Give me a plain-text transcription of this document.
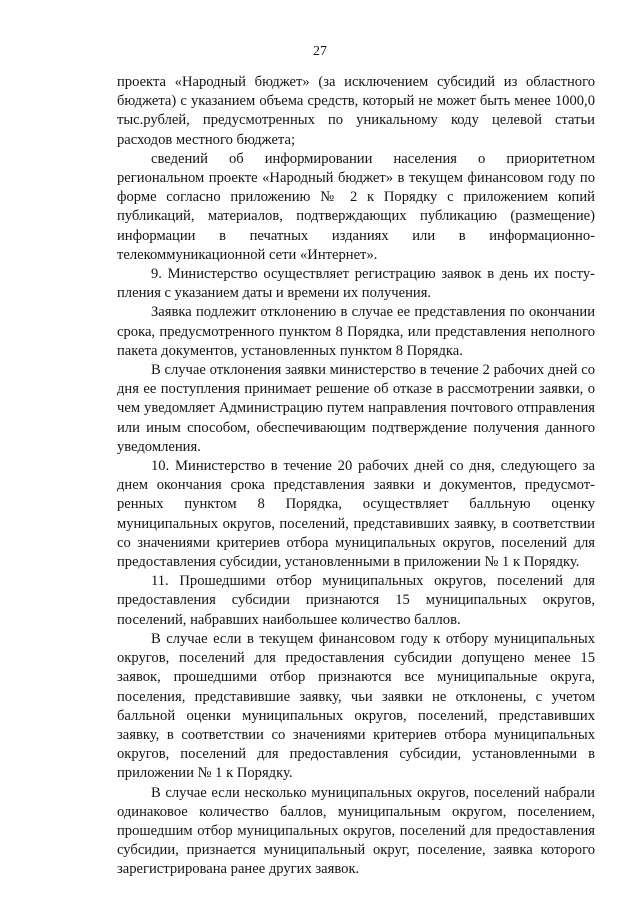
27

проекта «Народный бюджет» (за исключением субсидий из областного бюджета) с указанием объема средств, который не может быть менее 1000,0 тыс.рублей, предусмотренных по уникальному коду целевой статьи расходов местного бюджета;

сведений об информировании населения о приоритетном региональном проекте «Народный бюджет» в текущем финансовом году по форме согласно приложению № 2 к Порядку с приложением копий публикаций, материалов, подтверждающих публикацию (размещение) информации в печатных изданиях или в информационно-телекоммуникационной сети «Интернет».

9. Министерство осуществляет регистрацию заявок в день их поступления с указанием даты и времени их получения.

Заявка подлежит отклонению в случае ее представления по окончании срока, предусмотренного пунктом 8 Порядка, или представления неполного пакета документов, установленных пунктом 8 Порядка.

В случае отклонения заявки министерство в течение 2 рабочих дней со дня ее поступления принимает решение об отказе в рассмотрении заявки, о чем уведомляет Администрацию путем направления почтового отправления или иным способом, обеспечивающим подтверждение получения данного уведомления.

10. Министерство в течение 20 рабочих дней со дня, следующего за днем окончания срока представления заявки и документов, предусмотренных пунктом 8 Порядка, осуществляет балльную оценку муниципальных округов, поселений, представивших заявку, в соответствии со значениями критериев отбора муниципальных округов, поселений для предоставления субсидии, установленными в приложении № 1 к Порядку.

11. Прошедшими отбор муниципальных округов, поселений для предоставления субсидии признаются 15 муниципальных округов, поселений, набравших наибольшее количество баллов.

В случае если в текущем финансовом году к отбору муниципальных округов, поселений для предоставления субсидии допущено менее 15 заявок, прошедшими отбор признаются все муниципальные округа, поселения, представившие заявку, чьи заявки не отклонены, с учетом балльной оценки муниципальных округов, поселений, представивших заявку, в соответствии со значениями критериев отбора муниципальных округов, поселений для предоставления субсидии, установленными в приложении № 1 к Порядку.

В случае если несколько муниципальных округов, поселений набрали одинаковое количество баллов, муниципальным округом, поселением, прошедшим отбор муниципальных округов, поселений для предоставления субсидии, признается муниципальный округ, поселение, заявка которого зарегистрирована ранее других заявок.
